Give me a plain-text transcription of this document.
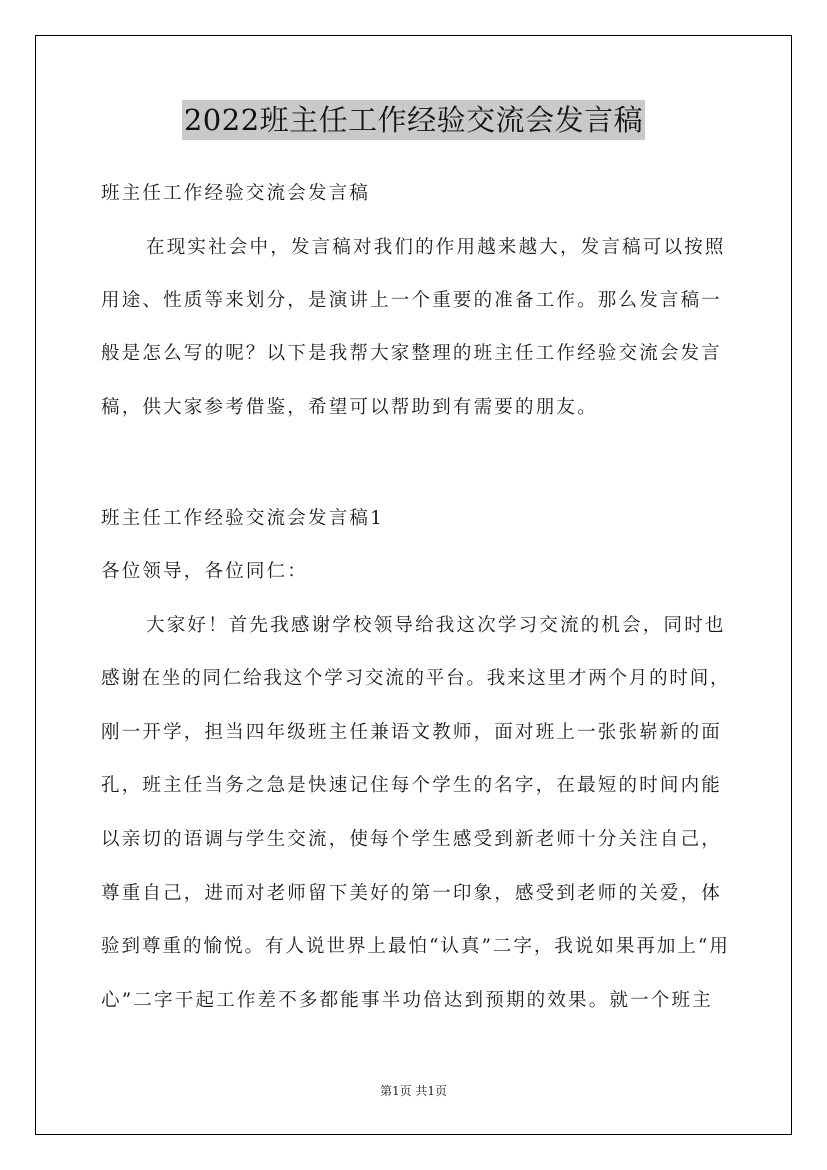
2022班主任工作经验交流会发言稿
班主任工作经验交流会发言稿
在现实社会中，发言稿对我们的作用越来越大，发言稿可以按照
用途、性质等来划分，是演讲上一个重要的准备工作。那么发言稿一
般是怎么写的呢？以下是我帮大家整理的班主任工作经验交流会发言
稿，供大家参考借鉴，希望可以帮助到有需要的朋友。
班主任工作经验交流会发言稿1
各位领导，各位同仁：
大家好！首先我感谢学校领导给我这次学习交流的机会，同时也
感谢在坐的同仁给我这个学习交流的平台。我来这里才两个月的时间，
刚一开学，担当四年级班主任兼语文教师，面对班上一张张崭新的面
孔，班主任当务之急是快速记住每个学生的名字，在最短的时间内能
以亲切的语调与学生交流，使每个学生感受到新老师十分关注自己，
尊重自己，进而对老师留下美好的第一印象，感受到老师的关爱，体
验到尊重的愉悦。有人说世界上最怕“认真”二字，我说如果再加上“用
心”二字干起工作差不多都能事半功倍达到预期的效果。就一个班主
第1页 共1页
